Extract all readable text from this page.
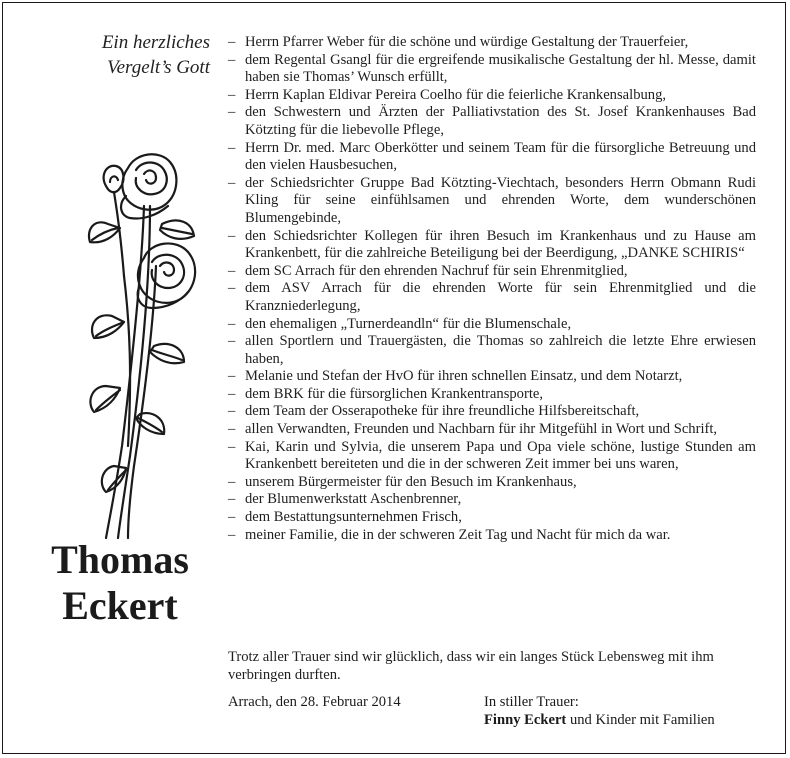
Ein herzliches
Vergelt’s Gott
Thomas
Eckert
– Herrn Pfarrer Weber für die schöne und würdige Gestaltung der Trauerfeier,
– dem Regental Gsangl für die ergreifende musikalische Gestaltung der hl. Messe, damit haben sie Thomas’ Wunsch erfüllt,
– Herrn Kaplan Eldivar Pereira Coelho für die feierliche Krankensalbung,
– den Schwestern und Ärzten der Palliativstation des St. Josef Krankenhauses Bad Kötzting für die liebevolle Pflege,
– Herrn Dr. med. Marc Oberkötter und seinem Team für die fürsorgliche Betreuung und den vielen Hausbesuchen,
– der Schiedsrichter Gruppe Bad Kötzting-Viechtach, besonders Herrn Obmann Rudi Kling für seine einfühlsamen und ehrenden Worte, dem wunderschönen Blumengebinde,
– den Schiedsrichter Kollegen für ihren Besuch im Krankenhaus und zu Hause am Krankenbett, für die zahlreiche Beteiligung bei der Beerdigung, „DANKE SCHIRIS“
– dem SC Arrach für den ehrenden Nachruf für sein Ehrenmitglied,
– dem ASV Arrach für die ehrenden Worte für sein Ehrenmitglied und die Kranzniederlegung,
– den ehemaligen „Turnerdeandln“ für die Blumenschale,
– allen Sportlern und Trauergästen, die Thomas so zahlreich die letzte Ehre erwiesen haben,
– Melanie und Stefan der HvO für ihren schnellen Einsatz, und dem Notarzt,
– dem BRK für die fürsorglichen Krankentransporte,
– dem Team der Osserapotheke für ihre freundliche Hilfsbereitschaft,
– allen Verwandten, Freunden und Nachbarn für ihr Mitgefühl in Wort und Schrift,
– Kai, Karin und Sylvia, die unserem Papa und Opa viele schöne, lustige Stunden am Krankenbett bereiteten und die in der schweren Zeit immer bei uns waren,
– unserem Bürgermeister für den Besuch im Krankenhaus,
– der Blumenwerkstatt Aschenbrenner,
– dem Bestattungsunternehmen Frisch,
– meiner Familie, die in der schweren Zeit Tag und Nacht für mich da war.
Trotz aller Trauer sind wir glücklich, dass wir ein langes Stück Lebensweg mit ihm verbringen durften.
Arrach, den 28. Februar 2014	In stiller Trauer:
Finny Eckert und Kinder mit Familien
